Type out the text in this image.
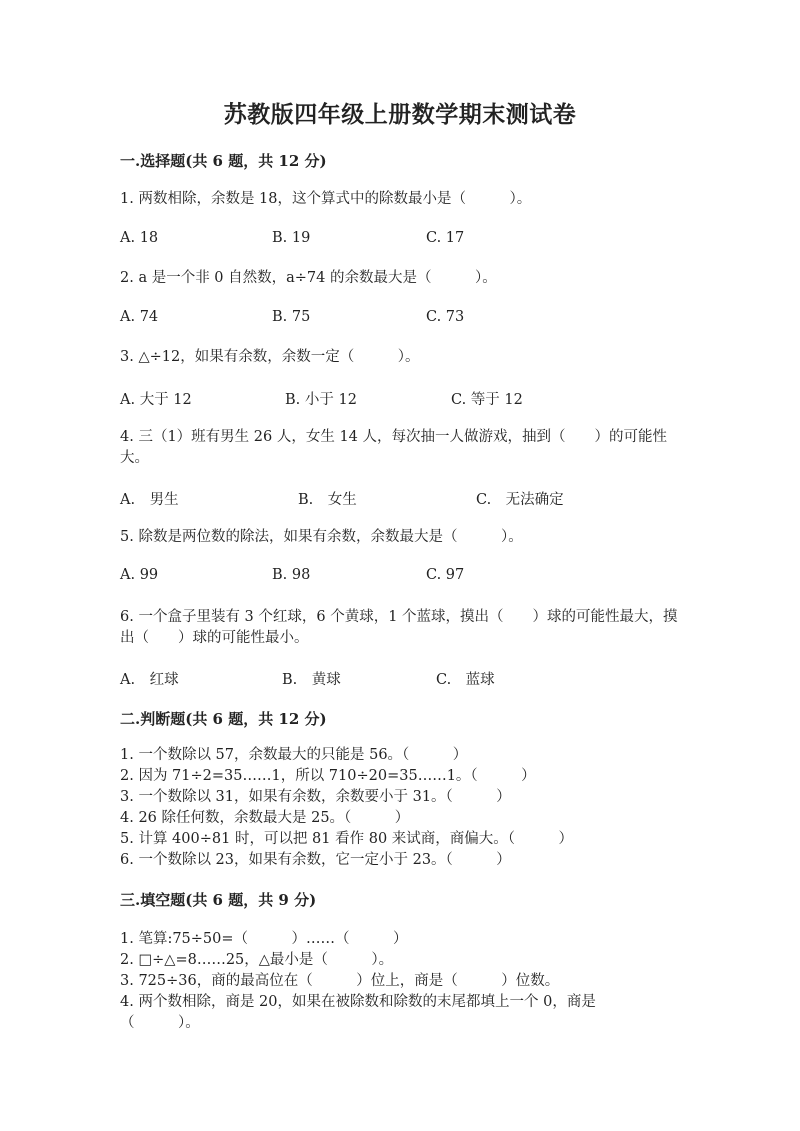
苏教版四年级上册数学期末测试卷
一.选择题(共 6 题，共 12 分)
1. 两数相除，余数是 18，这个算式中的除数最小是（　　　）。
A. 18	B. 19	C. 17
2. a 是一个非 0 自然数，a÷74 的余数最大是（　　　）。
A. 74	B. 75	C. 73
3. △÷12，如果有余数，余数一定（　　　）。
A. 大于 12	B. 小于 12	C. 等于 12
4. 三（1）班有男生 26 人，女生 14 人，每次抽一人做游戏，抽到（　　）的可能性大。
A.　男生	B.　女生	C.　无法确定
5. 除数是两位数的除法，如果有余数，余数最大是（　　　）。
A. 99	B. 98	C. 97
6. 一个盒子里装有 3 个红球，6 个黄球，1 个蓝球，摸出（　　）球的可能性最大，摸出（　　）球的可能性最小。
A.　红球	B.　黄球	C.　蓝球
二.判断题(共 6 题，共 12 分)
1. 一个数除以 57，余数最大的只能是 56。（　　　）
2. 因为 71÷2=35……1，所以 710÷20=35……1。（　　　）
3. 一个数除以 31，如果有余数，余数要小于 31。（　　　）
4. 26 除任何数，余数最大是 25。（　　　）
5. 计算 400÷81 时，可以把 81 看作 80 来试商，商偏大。（　　　）
6. 一个数除以 23，如果有余数，它一定小于 23。（　　　）
三.填空题(共 6 题，共 9 分)
1. 笔算:75÷50=（　　　）……（　　　）
2. □÷△=8……25，△最小是（　　　）。
3. 725÷36，商的最高位在（　　　）位上，商是（　　　）位数。
4. 两个数相除，商是 20，如果在被除数和除数的末尾都填上一个 0，商是（　　　）。
